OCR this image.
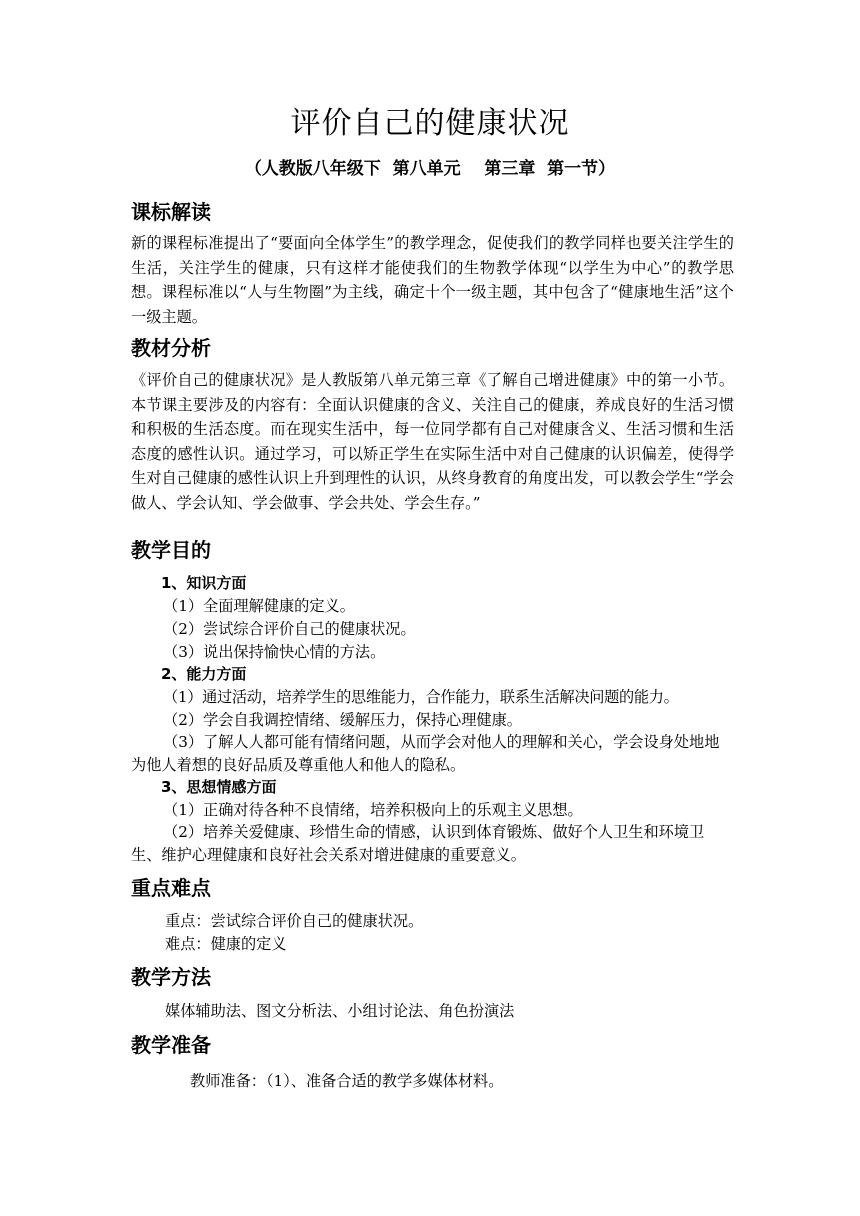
评价自己的健康状况
（人教版八年级下  第八单元    第三章  第一节）
课标解读

新的课程标准提出了“要面向全体学生”的教学理念，促使我们的教学同样也要关注学生的生活，关注学生的健康，只有这样才能使我们的生物教学体现“以学生为中心”的教学思想。课程标准以“人与生物圈”为主线，确定十个一级主题，其中包含了“健康地生活”这个一级主题。

教材分析

《评价自己的健康状况》是人教版第八单元第三章《了解自己增进健康》中的第一小节。本节课主要涉及的内容有：全面认识健康的含义、关注自己的健康，养成良好的生活习惯和积极的生活态度。而在现实生活中，每一位同学都有自己对健康含义、生活习惯和生活态度的感性认识。通过学习，可以矫正学生在实际生活中对自己健康的认识偏差，使得学生对自己健康的感性认识上升到理性的认识，从终身教育的角度出发，可以教会学生“学会做人、学会认知、学会做事、学会共处、学会生存。”

教学目的
1、知识方面
（1）全面理解健康的定义。
（2）尝试综合评价自己的健康状况。
（3）说出保持愉快心情的方法。
2、能力方面
（1）通过活动，培养学生的思维能力，合作能力，联系生活解决问题的能力。
（2）学会自我调控情绪、缓解压力，保持心理健康。

（3）了解人人都可能有情绪问题，从而学会对他人的理解和关心，学会设身处地地为他人着想的良好品质及尊重他人和他人的隐私。

3、思想情感方面
（1）正确对待各种不良情绪，培养积极向上的乐观主义思想。

（2）培养关爱健康、珍惜生命的情感，认识到体育锻炼、做好个人卫生和环境卫生、维护心理健康和良好社会关系对增进健康的重要意义。

重点难点
重点：尝试综合评价自己的健康状况。
难点：健康的定义
教学方法
媒体辅助法、图文分析法、小组讨论法、角色扮演法
教学准备
教师准备：（1）、准备合适的教学多媒体材料。
